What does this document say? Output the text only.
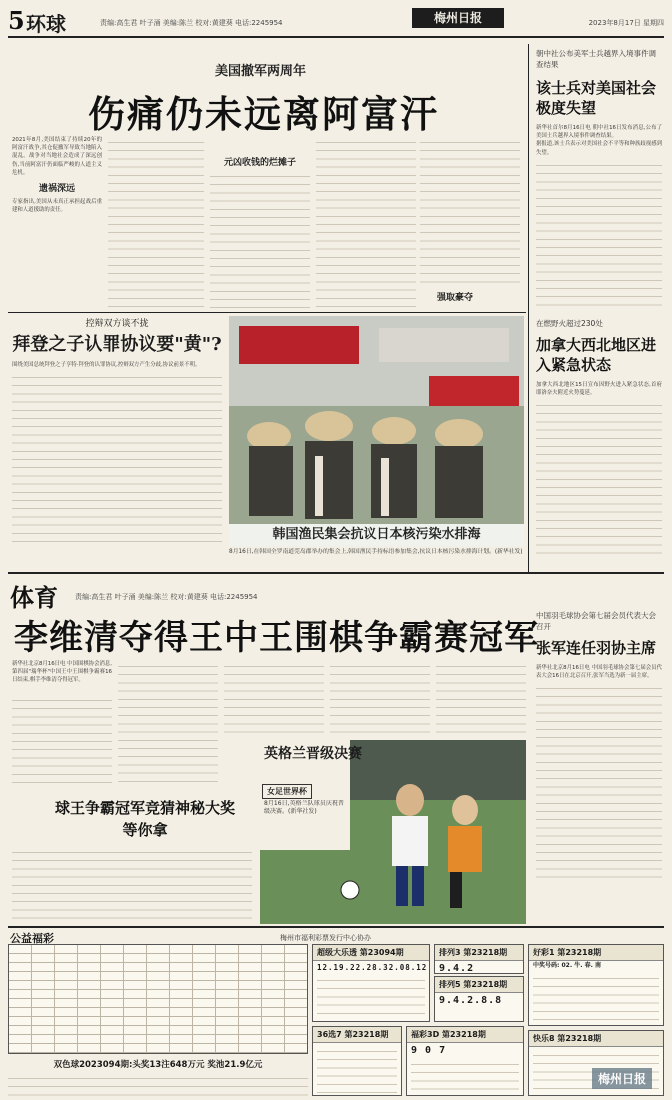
5 环球	责编:高生君 叶子涌 美编:陈兰 校对:黄建葵 电话:2245954	梅州日报	2023年8月17日 星期四
美国撤军两周年
伤痛仍未远离阿富汗
2021年8月,美国结束了持续20年的阿富汗战争,其仓促撤军导致当地陷入混乱。战争对当地社会造成了深远创伤,当前阿富汗仍面临严峻的人道主义危机。
遗祸深远
专家指出,美国从未真正承担起战后重建和人道援助的责任。
元凶收钱的烂摊子
强取豪夺
朝中社公布美军士兵越界入境事件调查结果
该士兵对美国社会极度失望
新华社首尔8月16日电 朝中社16日发布消息,公布了美国士兵越界入境事件调查结果。
据报道,该士兵表示对美国社会不平等和种族歧视感到失望。
控辩双方谈不拢
拜登之子认罪协议要"黄"?
围绕美国总统拜登之子亨特·拜登的认罪协议,控辩双方产生分歧,协议前景不明。
韩国渔民集会抗议日本核污染水排海
8月16日,在韩国全罗南道莞岛郡举办的集会上,韩国渔民手持标语参加集会,抗议日本核污染水排海计划。(新华社发)
在燃野火超过230处
加拿大西北地区进入紧急状态
加拿大西北地区15日宣布因野火进入紧急状态,首府耶洛奈夫附近火势蔓延。
体育 责编:高生君 叶子涌 美编:陈兰 校对:黄建葵 电话:2245954
李维清夺得王中王围棋争霸赛冠军
新华社北京8月16日电 中国围棋协会消息,第四届"瑞华杯"中国王中王围棋争霸赛16日结束,棋手李维清夺得冠军。
球王争霸冠军竞猜神秘大奖等你拿
英格兰晋级决赛
女足世界杯
8月16日,英格兰队球员庆祝晋级决赛。(新华社发)
中国羽毛球协会第七届会员代表大会召开
张军连任羽协主席
新华社北京8月16日电 中国羽毛球协会第七届会员代表大会16日在北京召开,张军当选为新一届主席。
公益福彩	梅州市福利彩票发行中心协办
双色球2023094期:头奖13注648万元 奖池21.9亿元
超级大乐透 第23094期
12.19.22.28.32.08.12
排列3 第23218期
9.4.2
排列5 第23218期
9.4.2.8.8
36选7 第23218期	福彩3D 第23218期
9 0 7
好彩1 第23218期
中奖号码: 02. 牛. 春. 南
快乐8 第23218期
梅州日报
